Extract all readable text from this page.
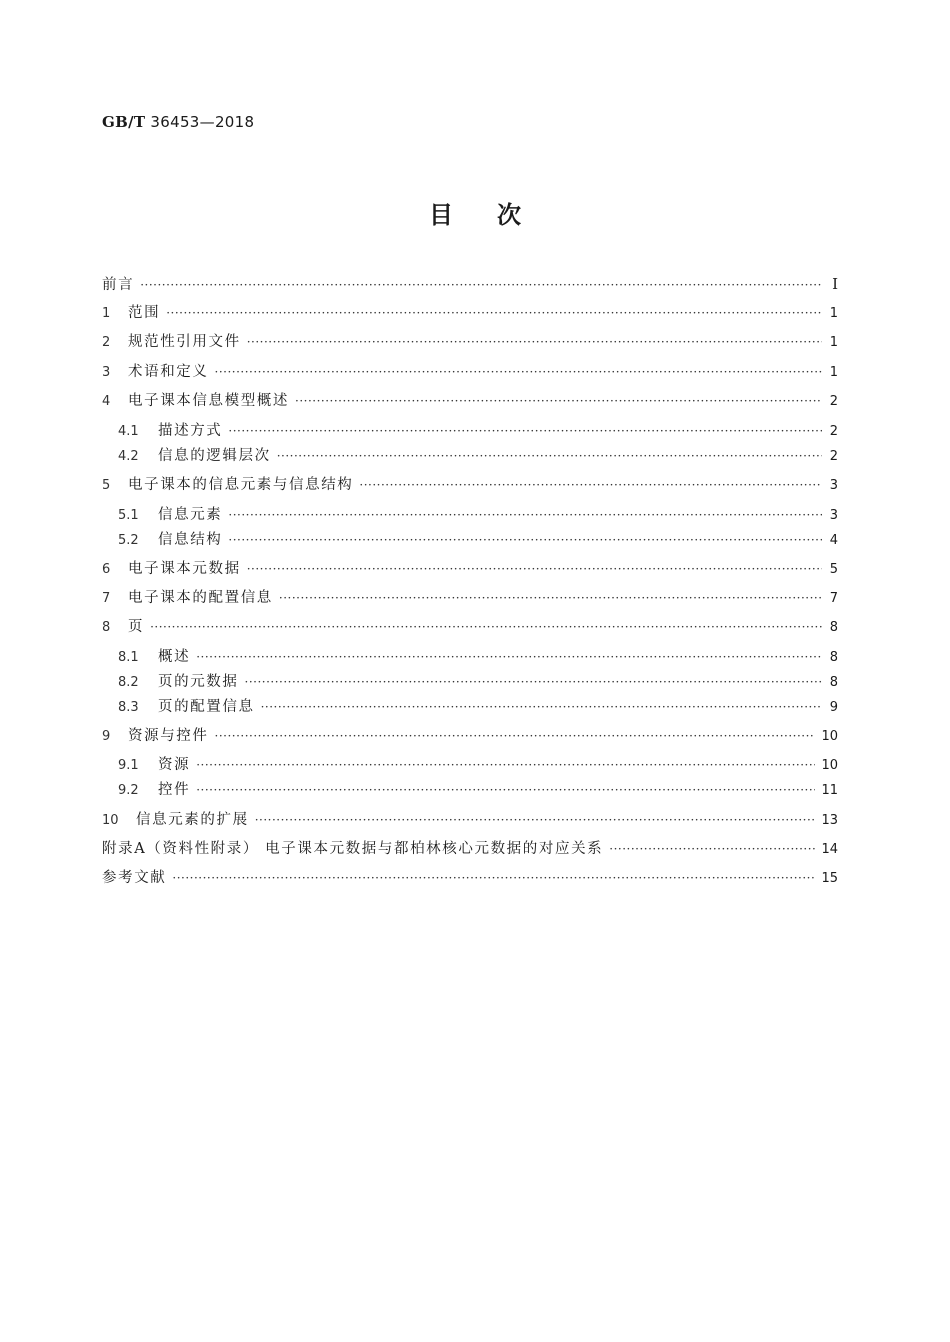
GB/T 36453—2018
目次
前言 ·····	Ⅰ
1	范围 ·····	1
2	规范性引用文件 ·····	1
3	术语和定义 ·····	1
4	电子课本信息模型概述 ·····	2
4.1	描述方式 ·····	2
4.2	信息的逻辑层次 ·····	2
5	电子课本的信息元素与信息结构 ·····	3
5.1	信息元素 ·····	3
5.2	信息结构 ·····	4
6	电子课本元数据 ·····	5
7	电子课本的配置信息 ·····	7
8	页 ·····	8
8.1	概述 ·····	8
8.2	页的元数据 ·····	8
8.3	页的配置信息 ·····	9
9	资源与控件 ·····	10
9.1	资源 ·····	10
9.2	控件 ·····	11
10	信息元素的扩展 ·····	13
附录A（资料性附录） 电子课本元数据与都柏林核心元数据的对应关系 ·····	14
参考文献 ·····	15
